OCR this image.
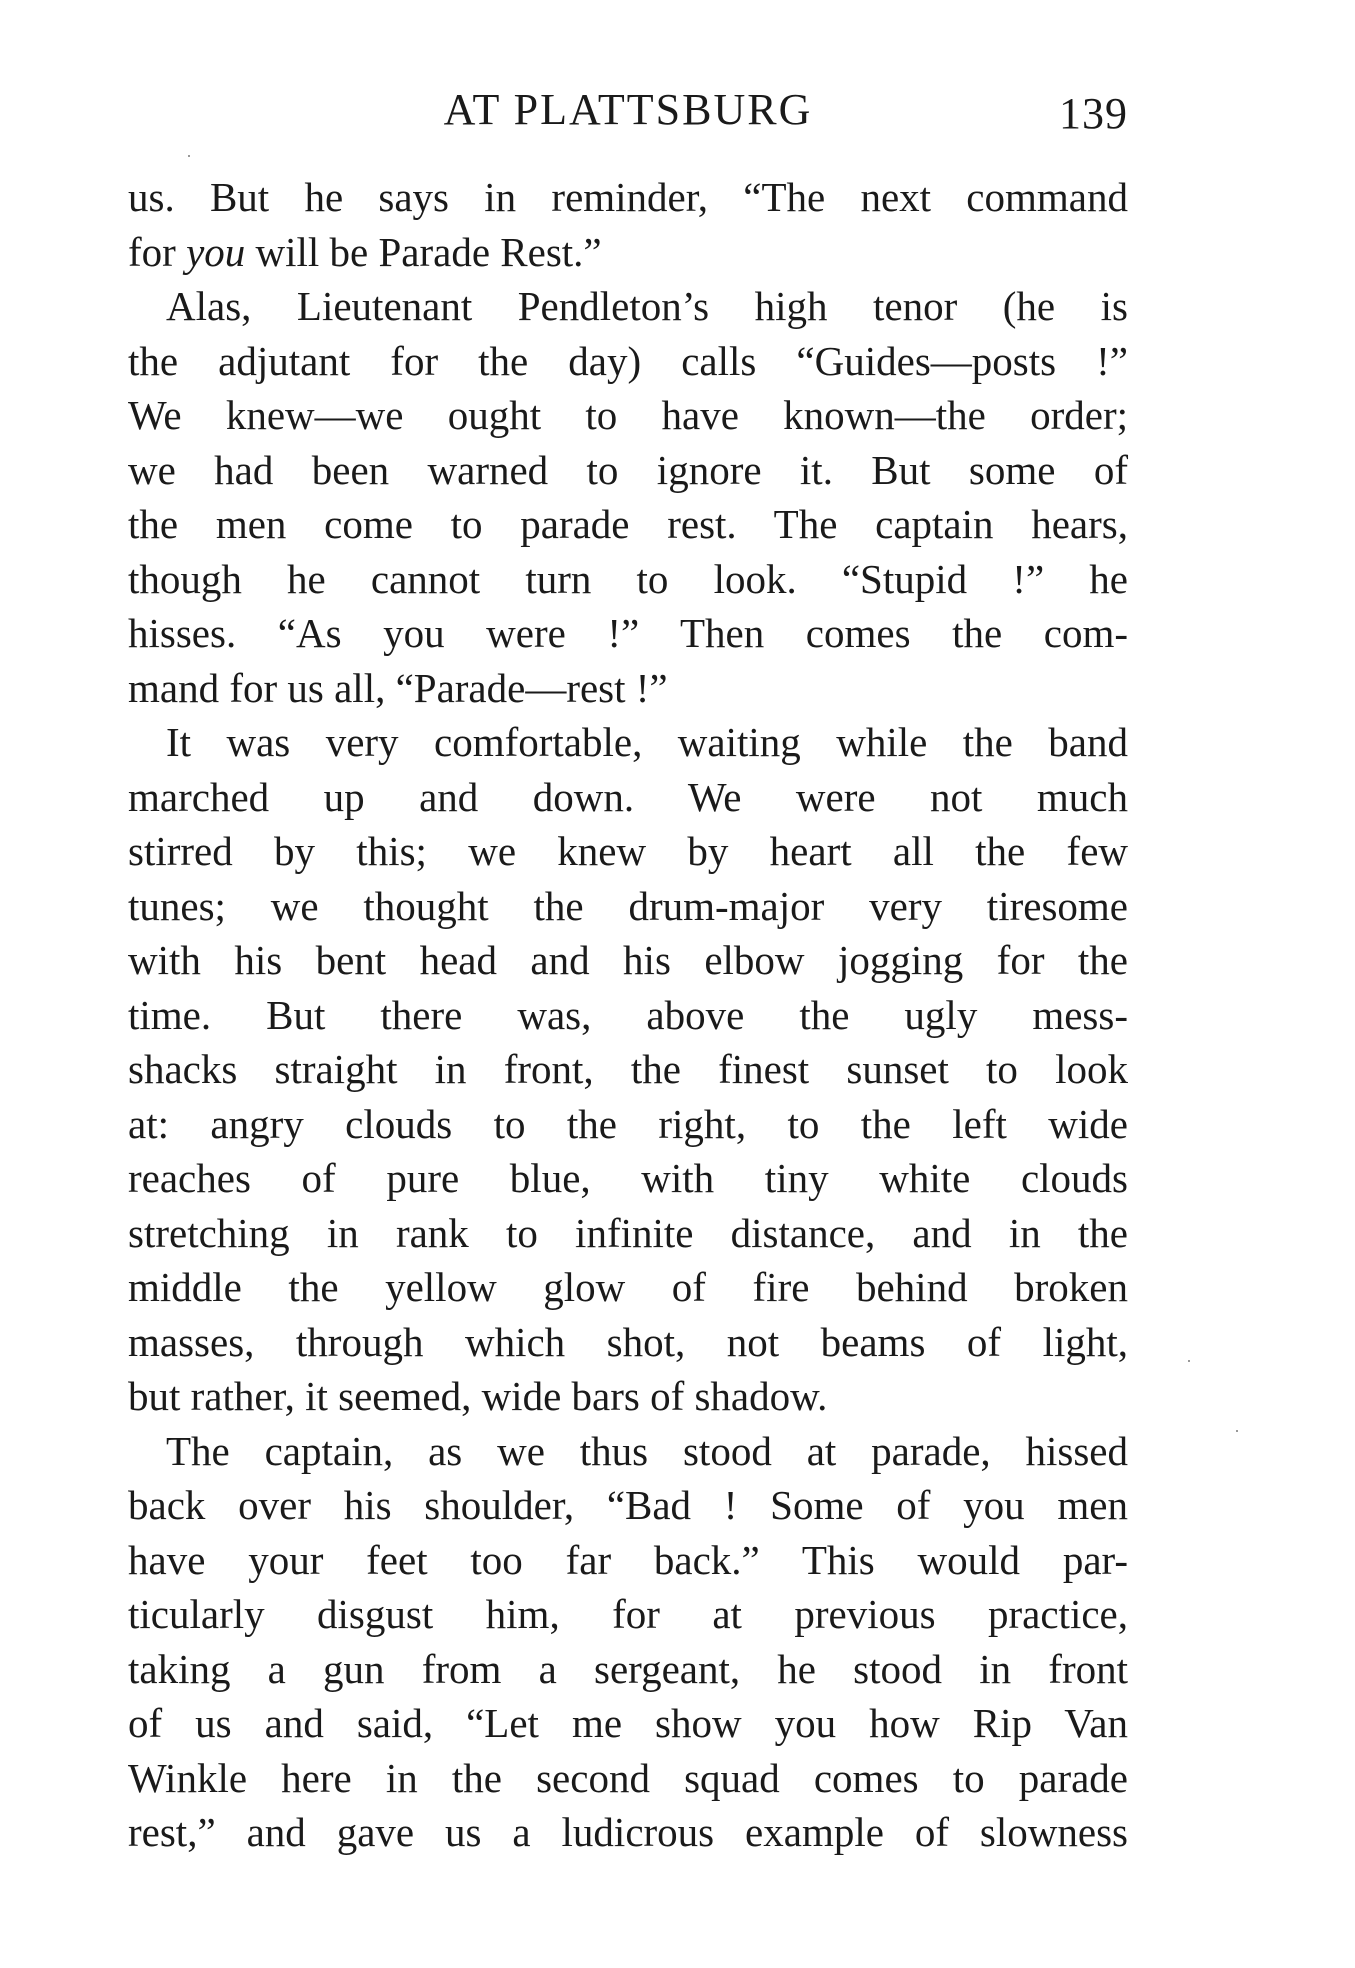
AT PLATTSBURG	139
us. But he says in reminder, “The next command
for you will be Parade Rest.”
Alas, Lieutenant Pendleton’s high tenor (he is
the adjutant for the day) calls “Guides—posts !”
We knew—we ought to have known—the order;
we had been warned to ignore it. But some of
the men come to parade rest. The captain hears,
though he cannot turn to look. “Stupid !” he
hisses. “As you were !” Then comes the com-
mand for us all, “Parade—rest !”
It was very comfortable, waiting while the band
marched up and down. We were not much
stirred by this; we knew by heart all the few
tunes; we thought the drum-major very tiresome
with his bent head and his elbow jogging for the
time. But there was, above the ugly mess-
shacks straight in front, the finest sunset to look
at: angry clouds to the right, to the left wide
reaches of pure blue, with tiny white clouds
stretching in rank to infinite distance, and in the
middle the yellow glow of fire behind broken
masses, through which shot, not beams of light,
but rather, it seemed, wide bars of shadow.
The captain, as we thus stood at parade, hissed
back over his shoulder, “Bad ! Some of you men
have your feet too far back.” This would par-
ticularly disgust him, for at previous practice,
taking a gun from a sergeant, he stood in front
of us and said, “Let me show you how Rip Van
Winkle here in the second squad comes to parade
rest,” and gave us a ludicrous example of slowness
